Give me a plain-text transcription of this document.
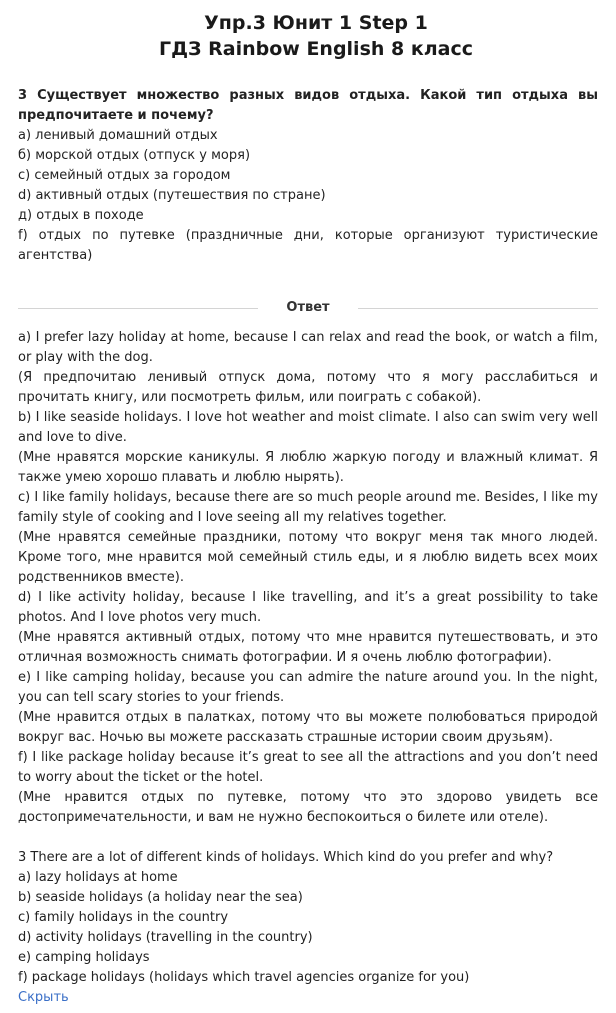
Упр.3 Юнит 1 Step 1
ГДЗ Rainbow English 8 класс

3 Существует множество разных видов отдыха. Какой тип отдыха вы предпочитаете и почему?

а) ленивый домашний отдых

б) морской отдых (отпуск у моря)

с) семейный отдых за городом

d) активный отдых (путешествия по стране)

д) отдых в походе

f) отдых по путевке (праздничные дни, которые организуют туристические агентства)

Ответ

a) I prefer lazy holiday at home, because I can relax and read the book, or watch a film, or play with the dog.

(Я предпочитаю ленивый отпуск дома, потому что я могу расслабиться и прочитать книгу, или посмотреть фильм, или поиграть с собакой).

b) I like seaside holidays. I love hot weather and moist climate. I also can swim very well and love to dive.

(Мне нравятся морские каникулы. Я люблю жаркую погоду и влажный климат. Я также умею хорошо плавать и люблю нырять).

c) I like family holidays, because there are so much people around me. Besides, I like my family style of cooking and I love seeing all my relatives together.

(Мне нравятся семейные праздники, потому что вокруг меня так много людей. Кроме того, мне нравится мой семейный стиль еды, и я люблю видеть всех моих родственников вместе).

d) I like activity holiday, because I like travelling, and it’s a great possibility to take photos. And I love photos very much.

(Мне нравятся активный отдых, потому что мне нравится путешествовать, и это отличная возможность снимать фотографии. И я очень люблю фотографии).

e) I like camping holiday, because you can admire the nature around you. In the night, you can tell scary stories to your friends.

(Мне нравится отдых в палатках, потому что вы можете полюбоваться природой вокруг вас. Ночью вы можете рассказать страшные истории своим друзьям).

f) I like package holiday because it’s great to see all the attractions and you don’t need to worry about the ticket or the hotel.

(Мне нравится отдых по путевке, потому что это здорово увидеть все достопримечательности, и вам не нужно беспокоиться о билете или отеле).

3 There are a lot of different kinds of holidays. Which kind do you prefer and why?

a) lazy holidays at home

b) seaside holidays (a holiday near the sea)

c) family holidays in the country

d) activity holidays (travelling in the country)

e) camping holidays

f) package holidays (holidays which travel agencies organize for you)

Скрыть
